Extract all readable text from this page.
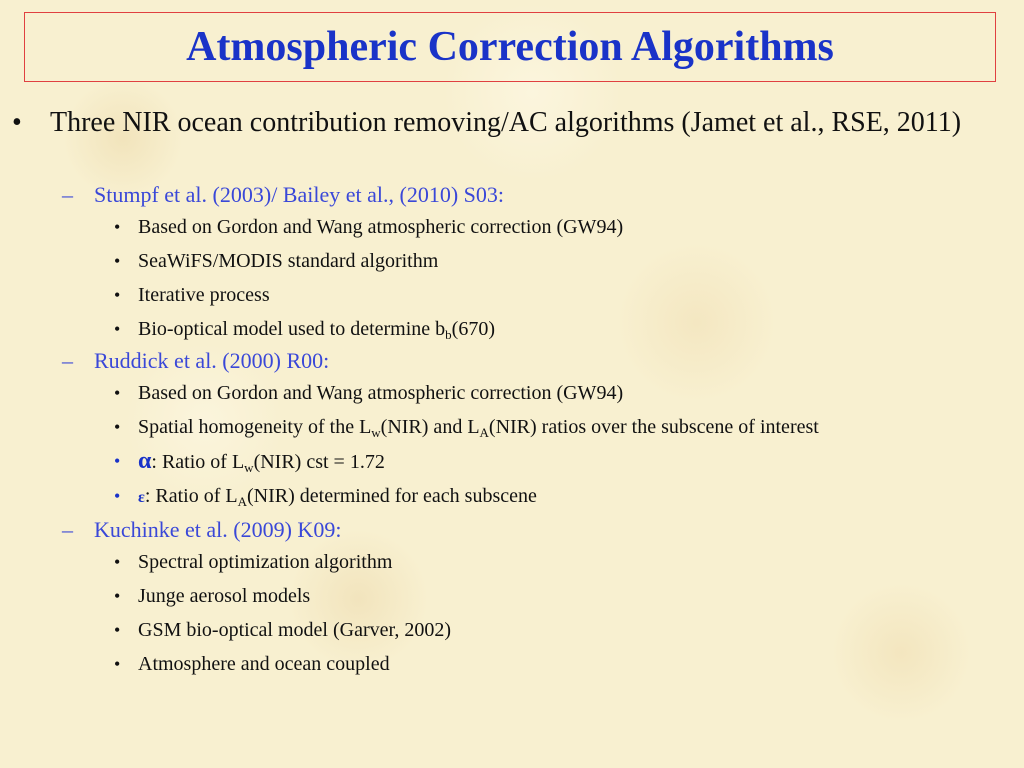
Atmospheric Correction Algorithms
• Three NIR ocean contribution removing/AC algorithms (Jamet et al., RSE, 2011)
– Stumpf et al. (2003)/ Bailey et al., (2010) S03:
• Based on Gordon and Wang atmospheric correction (GW94)
• SeaWiFS/MODIS standard algorithm
• Iterative process
• Bio-optical model used to determine $b_b(670)$
– Ruddick et al. (2000) R00:
• Based on Gordon and Wang atmospheric correction (GW94)
• Spatial homogeneity of the $L_w(NIR)$ and $L_A(NIR)$ ratios over the subscene of interest
• α: Ratio of $L_w(NIR)$ cst = 1.72
• ε: Ratio of $L_A(NIR)$ determined for each subscene
– Kuchinke et al. (2009) K09:
• Spectral optimization algorithm
• Junge aerosol models
• GSM bio-optical model (Garver, 2002)
• Atmosphere and ocean coupled
